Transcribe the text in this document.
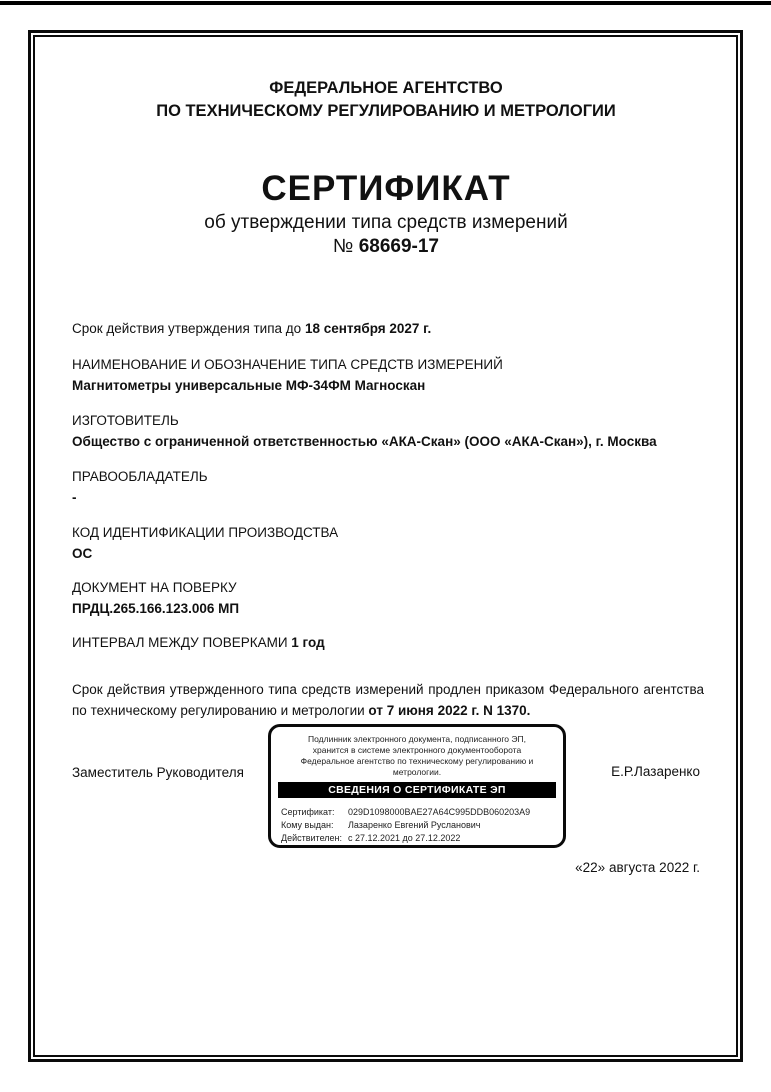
ФЕДЕРАЛЬНОЕ АГЕНТСТВО
ПО ТЕХНИЧЕСКОМУ РЕГУЛИРОВАНИЮ И МЕТРОЛОГИИ
СЕРТИФИКАТ
об утверждении типа средств измерений
№ 68669-17
Срок действия утверждения типа до 18 сентября 2027 г.
НАИМЕНОВАНИЕ И ОБОЗНАЧЕНИЕ ТИПА СРЕДСТВ ИЗМЕРЕНИЙ
Магнитометры универсальные МФ-34ФМ Магноскан
ИЗГОТОВИТЕЛЬ
Общество с ограниченной ответственностью «АКА-Скан» (ООО «АКА-Скан»), г. Москва
ПРАВООБЛАДАТЕЛЬ
-
КОД ИДЕНТИФИКАЦИИ ПРОИЗВОДСТВА
ОС
ДОКУМЕНТ НА ПОВЕРКУ
ПРДЦ.265.166.123.006 МП
ИНТЕРВАЛ МЕЖДУ ПОВЕРКАМИ 1 год
Срок действия утвержденного типа средств измерений продлен приказом Федерального агентства по техническому регулированию и метрологии от 7 июня 2022 г. N 1370.
Заместитель Руководителя
Подлинник электронного документа, подписанного ЭП,
хранится в системе электронного документооборота
Федеральное агентство по техническому регулированию и
метрологии.
СВЕДЕНИЯ О СЕРТИФИКАТЕ ЭП
Сертификат: 029D1098000BAE27A64C995DDB060203A9
Кому выдан: Лазаренко Евгений Русланович
Действителен: с 27.12.2021 до 27.12.2022
Е.Р.Лазаренко
«22» августа 2022 г.
